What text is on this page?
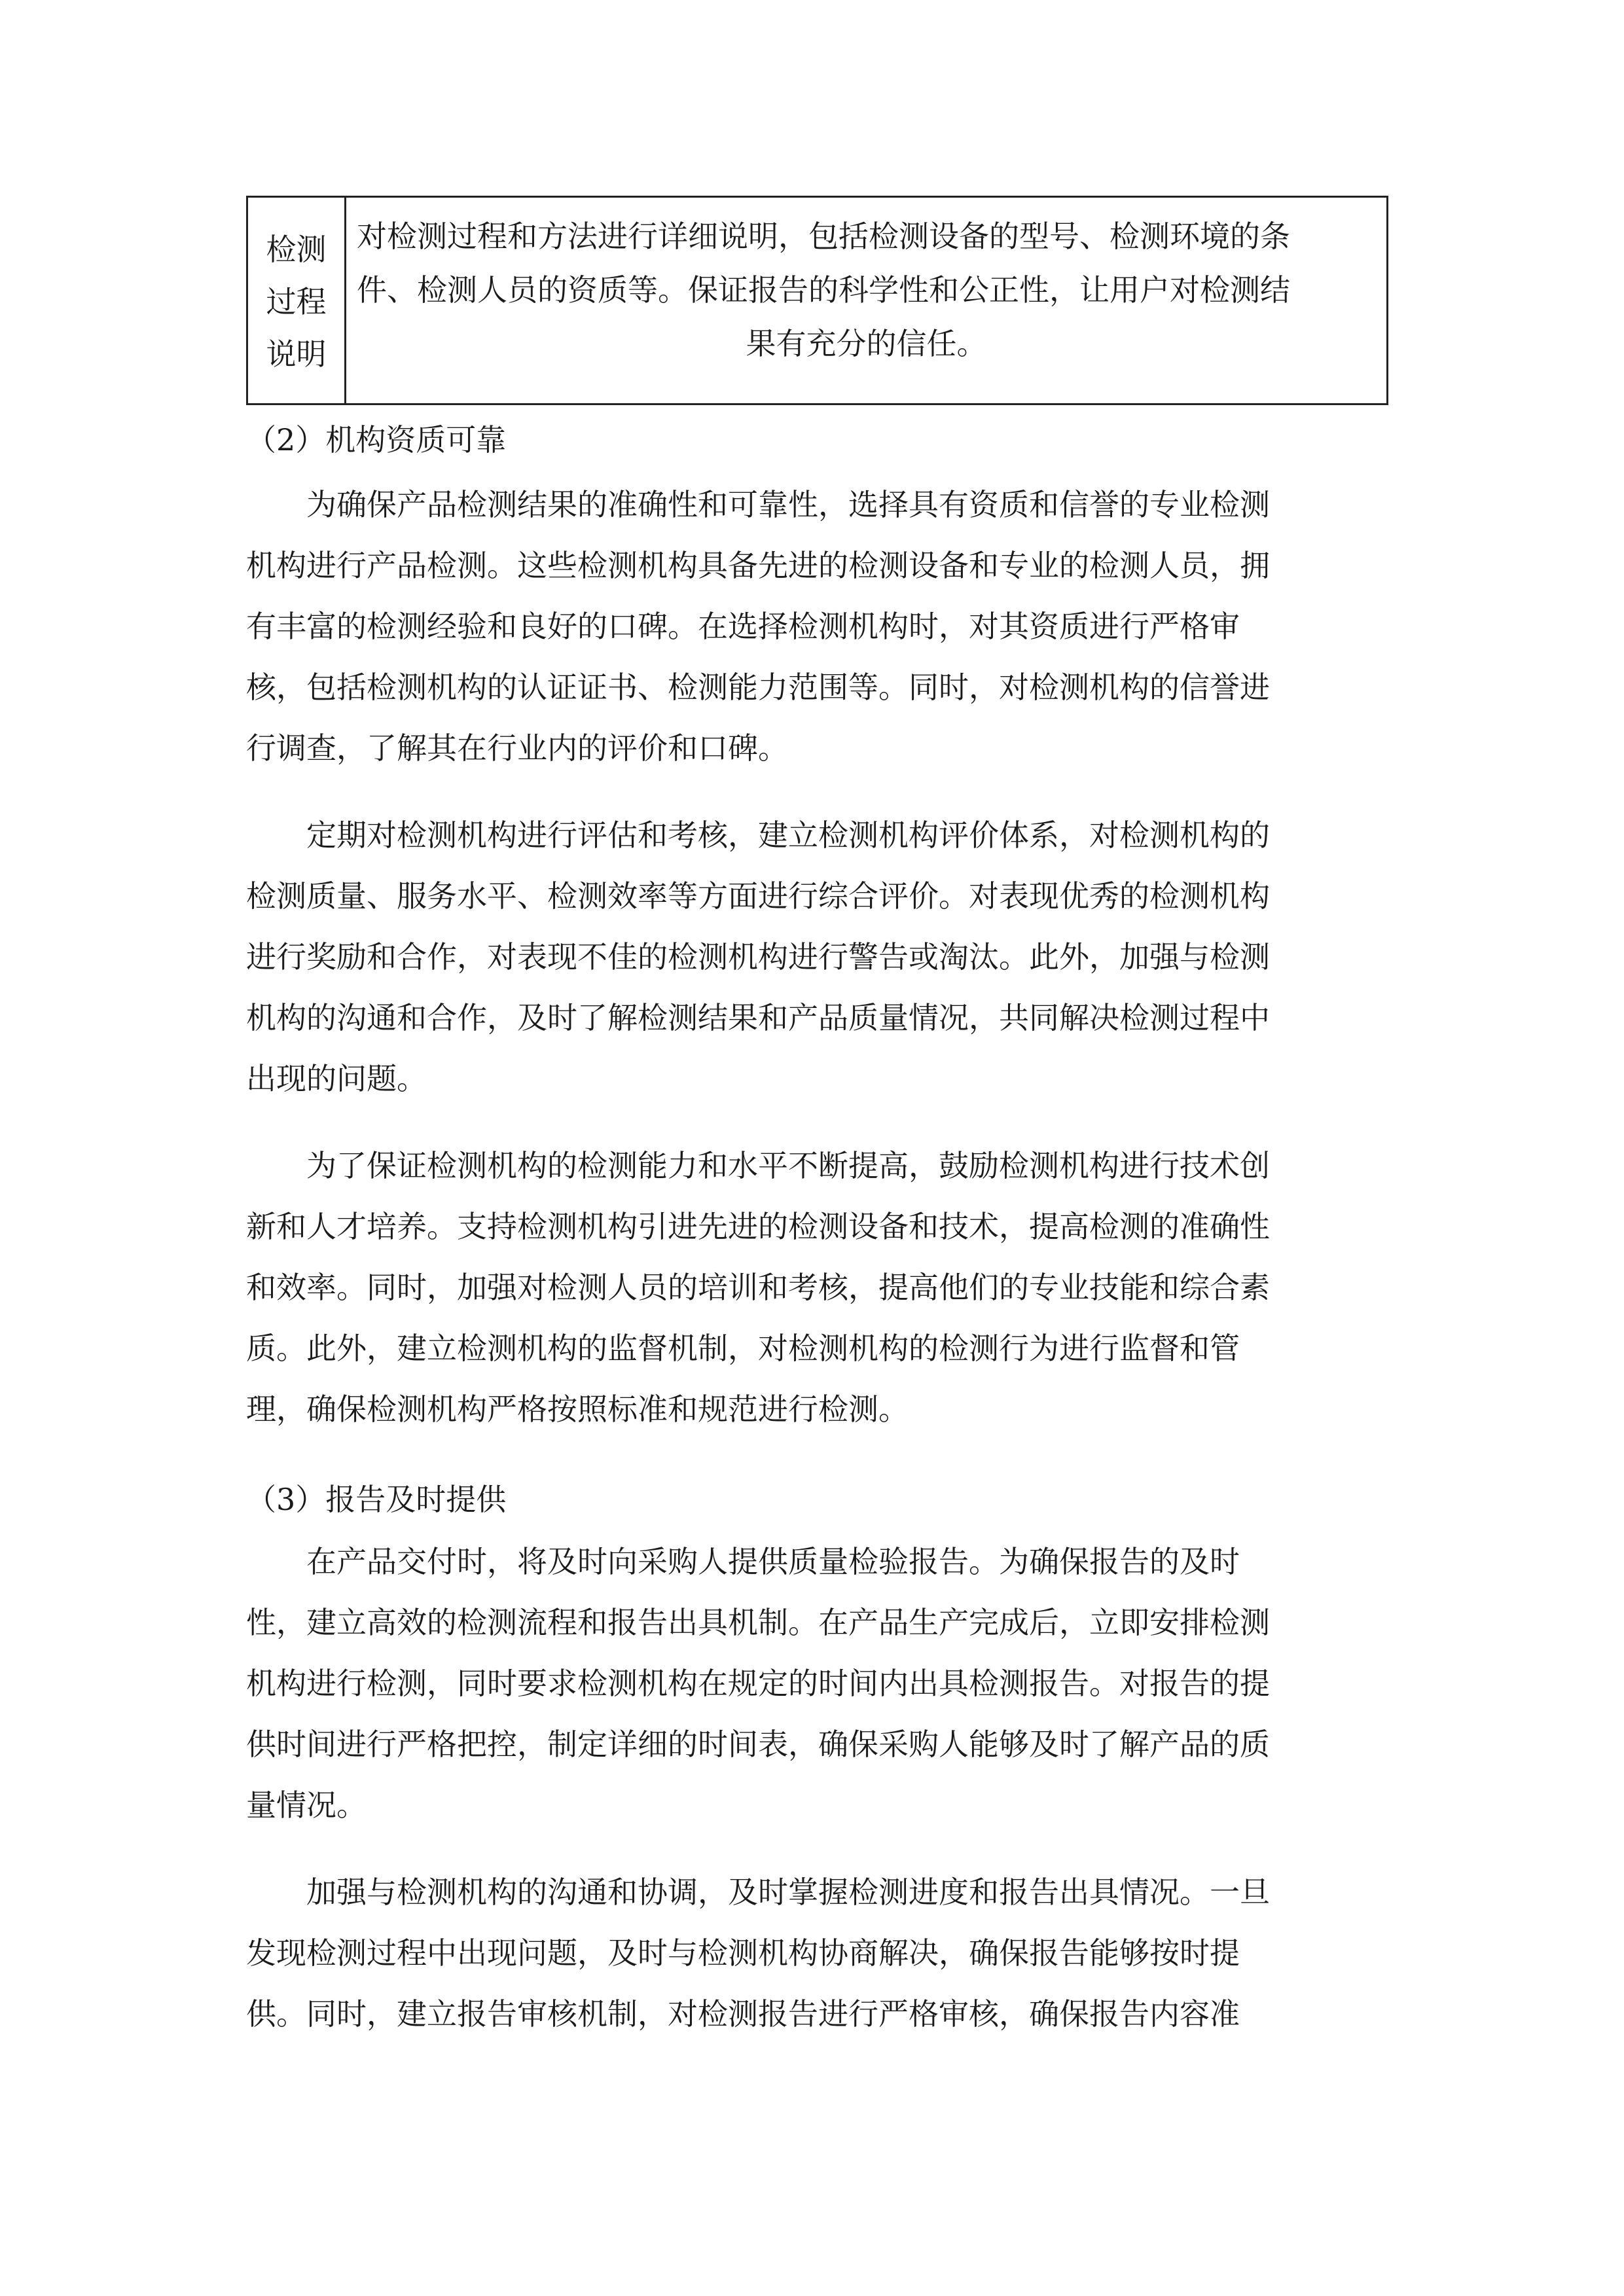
检测
过程
说明
对检测过程和方法进行详细说明，包括检测设备的型号、检测环境的条
件、检测人员的资质等。保证报告的科学性和公正性，让用户对检测结
果有充分的信任。
（2）机构资质可靠
为确保产品检测结果的准确性和可靠性，选择具有资质和信誉的专业检测
机构进行产品检测。这些检测机构具备先进的检测设备和专业的检测人员，拥
有丰富的检测经验和良好的口碑。在选择检测机构时，对其资质进行严格审
核，包括检测机构的认证证书、检测能力范围等。同时，对检测机构的信誉进
行调查，了解其在行业内的评价和口碑。
定期对检测机构进行评估和考核，建立检测机构评价体系，对检测机构的
检测质量、服务水平、检测效率等方面进行综合评价。对表现优秀的检测机构
进行奖励和合作，对表现不佳的检测机构进行警告或淘汰。此外，加强与检测
机构的沟通和合作，及时了解检测结果和产品质量情况，共同解决检测过程中
出现的问题。
为了保证检测机构的检测能力和水平不断提高，鼓励检测机构进行技术创
新和人才培养。支持检测机构引进先进的检测设备和技术，提高检测的准确性
和效率。同时，加强对检测人员的培训和考核，提高他们的专业技能和综合素
质。此外，建立检测机构的监督机制，对检测机构的检测行为进行监督和管
理，确保检测机构严格按照标准和规范进行检测。
（3）报告及时提供
在产品交付时，将及时向采购人提供质量检验报告。为确保报告的及时
性，建立高效的检测流程和报告出具机制。在产品生产完成后，立即安排检测
机构进行检测，同时要求检测机构在规定的时间内出具检测报告。对报告的提
供时间进行严格把控，制定详细的时间表，确保采购人能够及时了解产品的质
量情况。
加强与检测机构的沟通和协调，及时掌握检测进度和报告出具情况。一旦
发现检测过程中出现问题，及时与检测机构协商解决，确保报告能够按时提
供。同时，建立报告审核机制，对检测报告进行严格审核，确保报告内容准
